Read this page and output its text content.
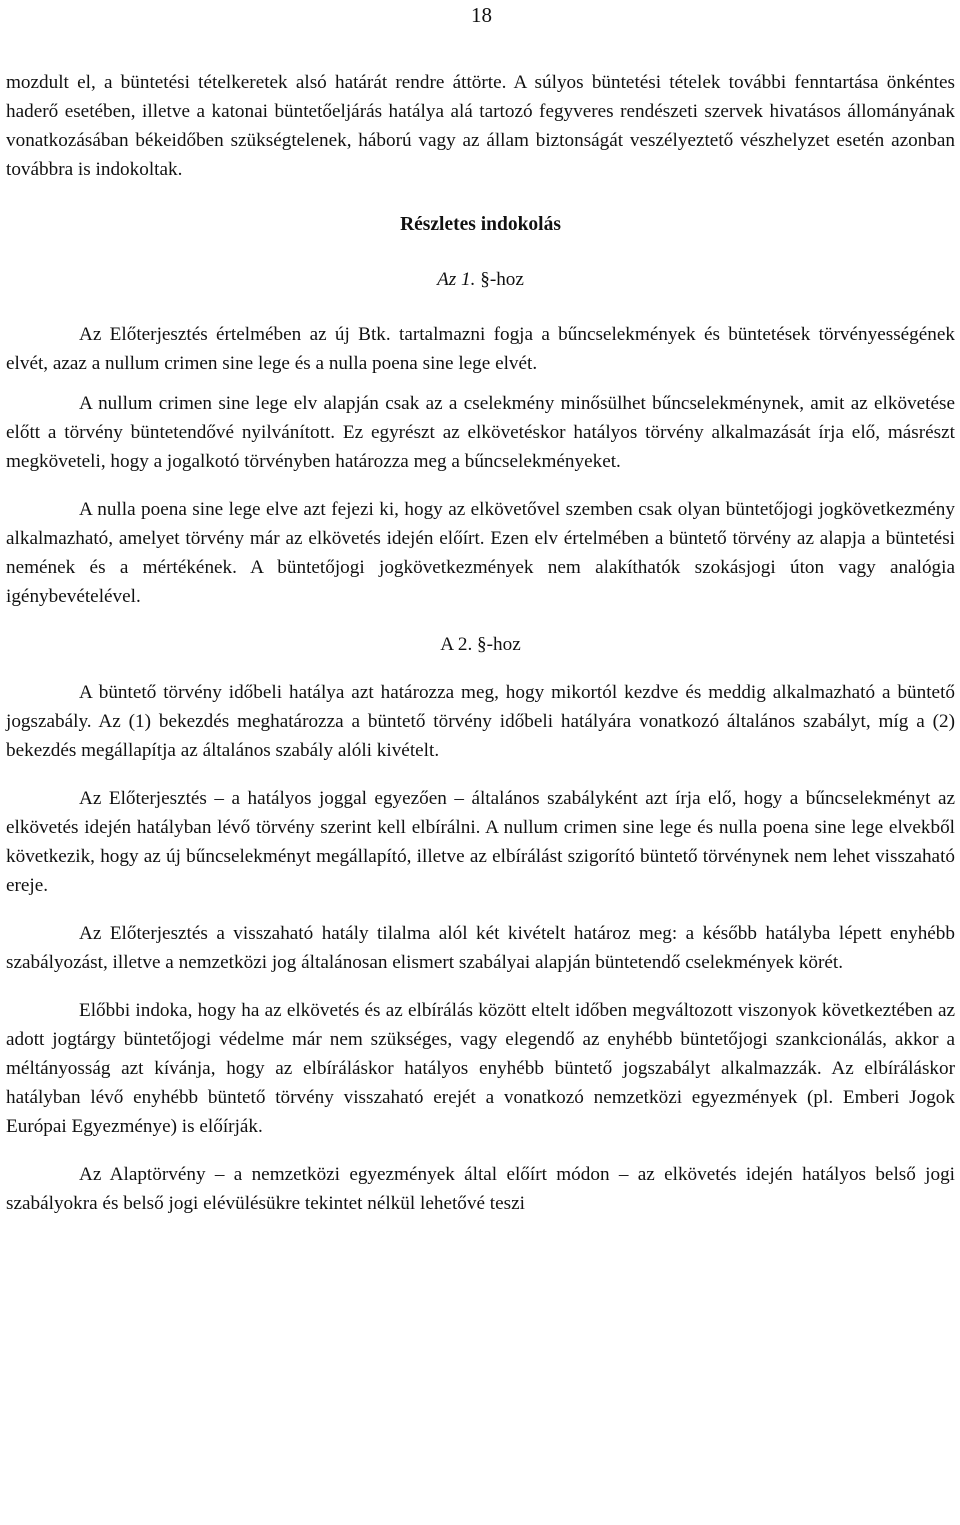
18

mozdult el, a büntetési tételkeretek alsó határát rendre áttörte. A súlyos büntetési tételek további fenntartása önkéntes haderő esetében, illetve a katonai büntetőeljárás hatálya alá tartozó fegyveres rendészeti szervek hivatásos állományának vonatkozásában békeidőben szükségtelenek, háború vagy az állam biztonságát veszélyeztető vészhelyzet esetén azonban továbbra is indokoltak.

Részletes indokolás

Az 1. §-hoz

Az Előterjesztés értelmében az új Btk. tartalmazni fogja a bűncselekmények és büntetések törvényességének elvét, azaz a nullum crimen sine lege és a nulla poena sine lege elvét.

A nullum crimen sine lege elv alapján csak az a cselekmény minősülhet bűncselekménynek, amit az elkövetése előtt a törvény büntetendővé nyilvánított. Ez egyrészt az elkövetéskor hatályos törvény alkalmazását írja elő, másrészt megköveteli, hogy a jogalkotó törvényben határozza meg a bűncselekményeket.

A nulla poena sine lege elve azt fejezi ki, hogy az elkövetővel szemben csak olyan büntetőjogi jogkövetkezmény alkalmazható, amelyet törvény már az elkövetés idején előírt. Ezen elv értelmében a büntető törvény az alapja a büntetési nemének és a mértékének. A büntetőjogi jogkövetkezmények nem alakíthatók szokásjogi úton vagy analógia igénybevételével.

A 2. §-hoz

A büntető törvény időbeli hatálya azt határozza meg, hogy mikortól kezdve és meddig alkalmazható a büntető jogszabály. Az (1) bekezdés meghatározza a büntető törvény időbeli hatályára vonatkozó általános szabályt, míg a (2) bekezdés megállapítja az általános szabály alóli kivételt.

Az Előterjesztés – a hatályos joggal egyezően – általános szabályként azt írja elő, hogy a bűncselekményt az elkövetés idején hatályban lévő törvény szerint kell elbírálni. A nullum crimen sine lege és nulla poena sine lege elvekből következik, hogy az új bűncselekményt megállapító, illetve az elbírálást szigorító büntető törvénynek nem lehet visszaható ereje.

Az Előterjesztés a visszaható hatály tilalma alól két kivételt határoz meg: a később hatályba lépett enyhébb szabályozást, illetve a nemzetközi jog általánosan elismert szabályai alapján büntetendő cselekmények körét.

Előbbi indoka, hogy ha az elkövetés és az elbírálás között eltelt időben megváltozott viszonyok következtében az adott jogtárgy büntetőjogi védelme már nem szükséges, vagy elegendő az enyhébb büntetőjogi szankcionálás, akkor a méltányosság azt kívánja, hogy az elbíráláskor hatályos enyhébb büntető jogszabályt alkalmazzák. Az elbíráláskor hatályban lévő enyhébb büntető törvény visszaható erejét a vonatkozó nemzetközi egyezmények (pl. Emberi Jogok Európai Egyezménye) is előírják.

Az Alaptörvény – a nemzetközi egyezmények által előírt módon – az elkövetés idején hatályos belső jogi szabályokra és belső jogi elévülésükre tekintet nélkül lehetővé teszi
